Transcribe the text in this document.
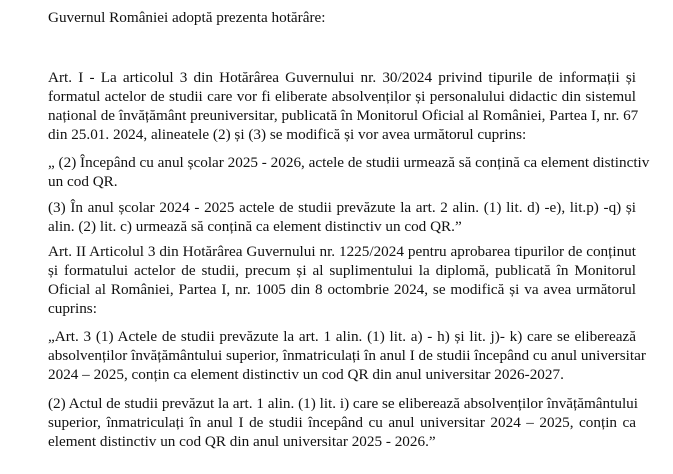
Guvernul României adoptă prezenta hotărâre:
Art. I - La articolul 3 din Hotărârea Guvernului nr. 30/2024 privind tipurile de informații și
formatul actelor de studii care vor fi eliberate absolvenților și personalului didactic din sistemul
național de învățământ preuniversitar, publicată în Monitorul Oficial al României, Partea I, nr. 67
din 25.01. 2024, alineatele (2) și (3) se modifică și vor avea următorul cuprins:
„ (2) Începând cu anul școlar 2025 - 2026, actele de studii urmează să conțină ca element distinctiv
un cod QR.
(3) În anul școlar 2024 - 2025 actele de studii prevăzute la art. 2 alin. (1) lit. d) -e), lit.p) -q) și
alin. (2) lit. c) urmează să conțină ca element distinctiv un cod QR.”
Art. II Articolul 3 din Hotărârea Guvernului nr. 1225/2024 pentru aprobarea tipurilor de conținut
și formatului actelor de studii, precum și al suplimentului la diplomă, publicată în Monitorul
Oficial al României, Partea I, nr. 1005 din 8 octombrie 2024, se modifică și va avea următorul
cuprins:
„Art. 3 (1) Actele de studii prevăzute la art. 1 alin. (1) lit. a) - h) și lit. j)- k) care se eliberează
absolvenților învățământului superior, înmatriculați în anul I de studii începând cu anul universitar
2024 – 2025, conțin ca element distinctiv un cod QR din anul universitar 2026-2027.
(2) Actul de studii prevăzut la art. 1 alin. (1) lit. i) care se eliberează absolvenților învățământului
superior, înmatriculați în anul I de studii începând cu anul universitar 2024 – 2025, conțin ca
element distinctiv un cod QR din anul universitar 2025 - 2026.”
